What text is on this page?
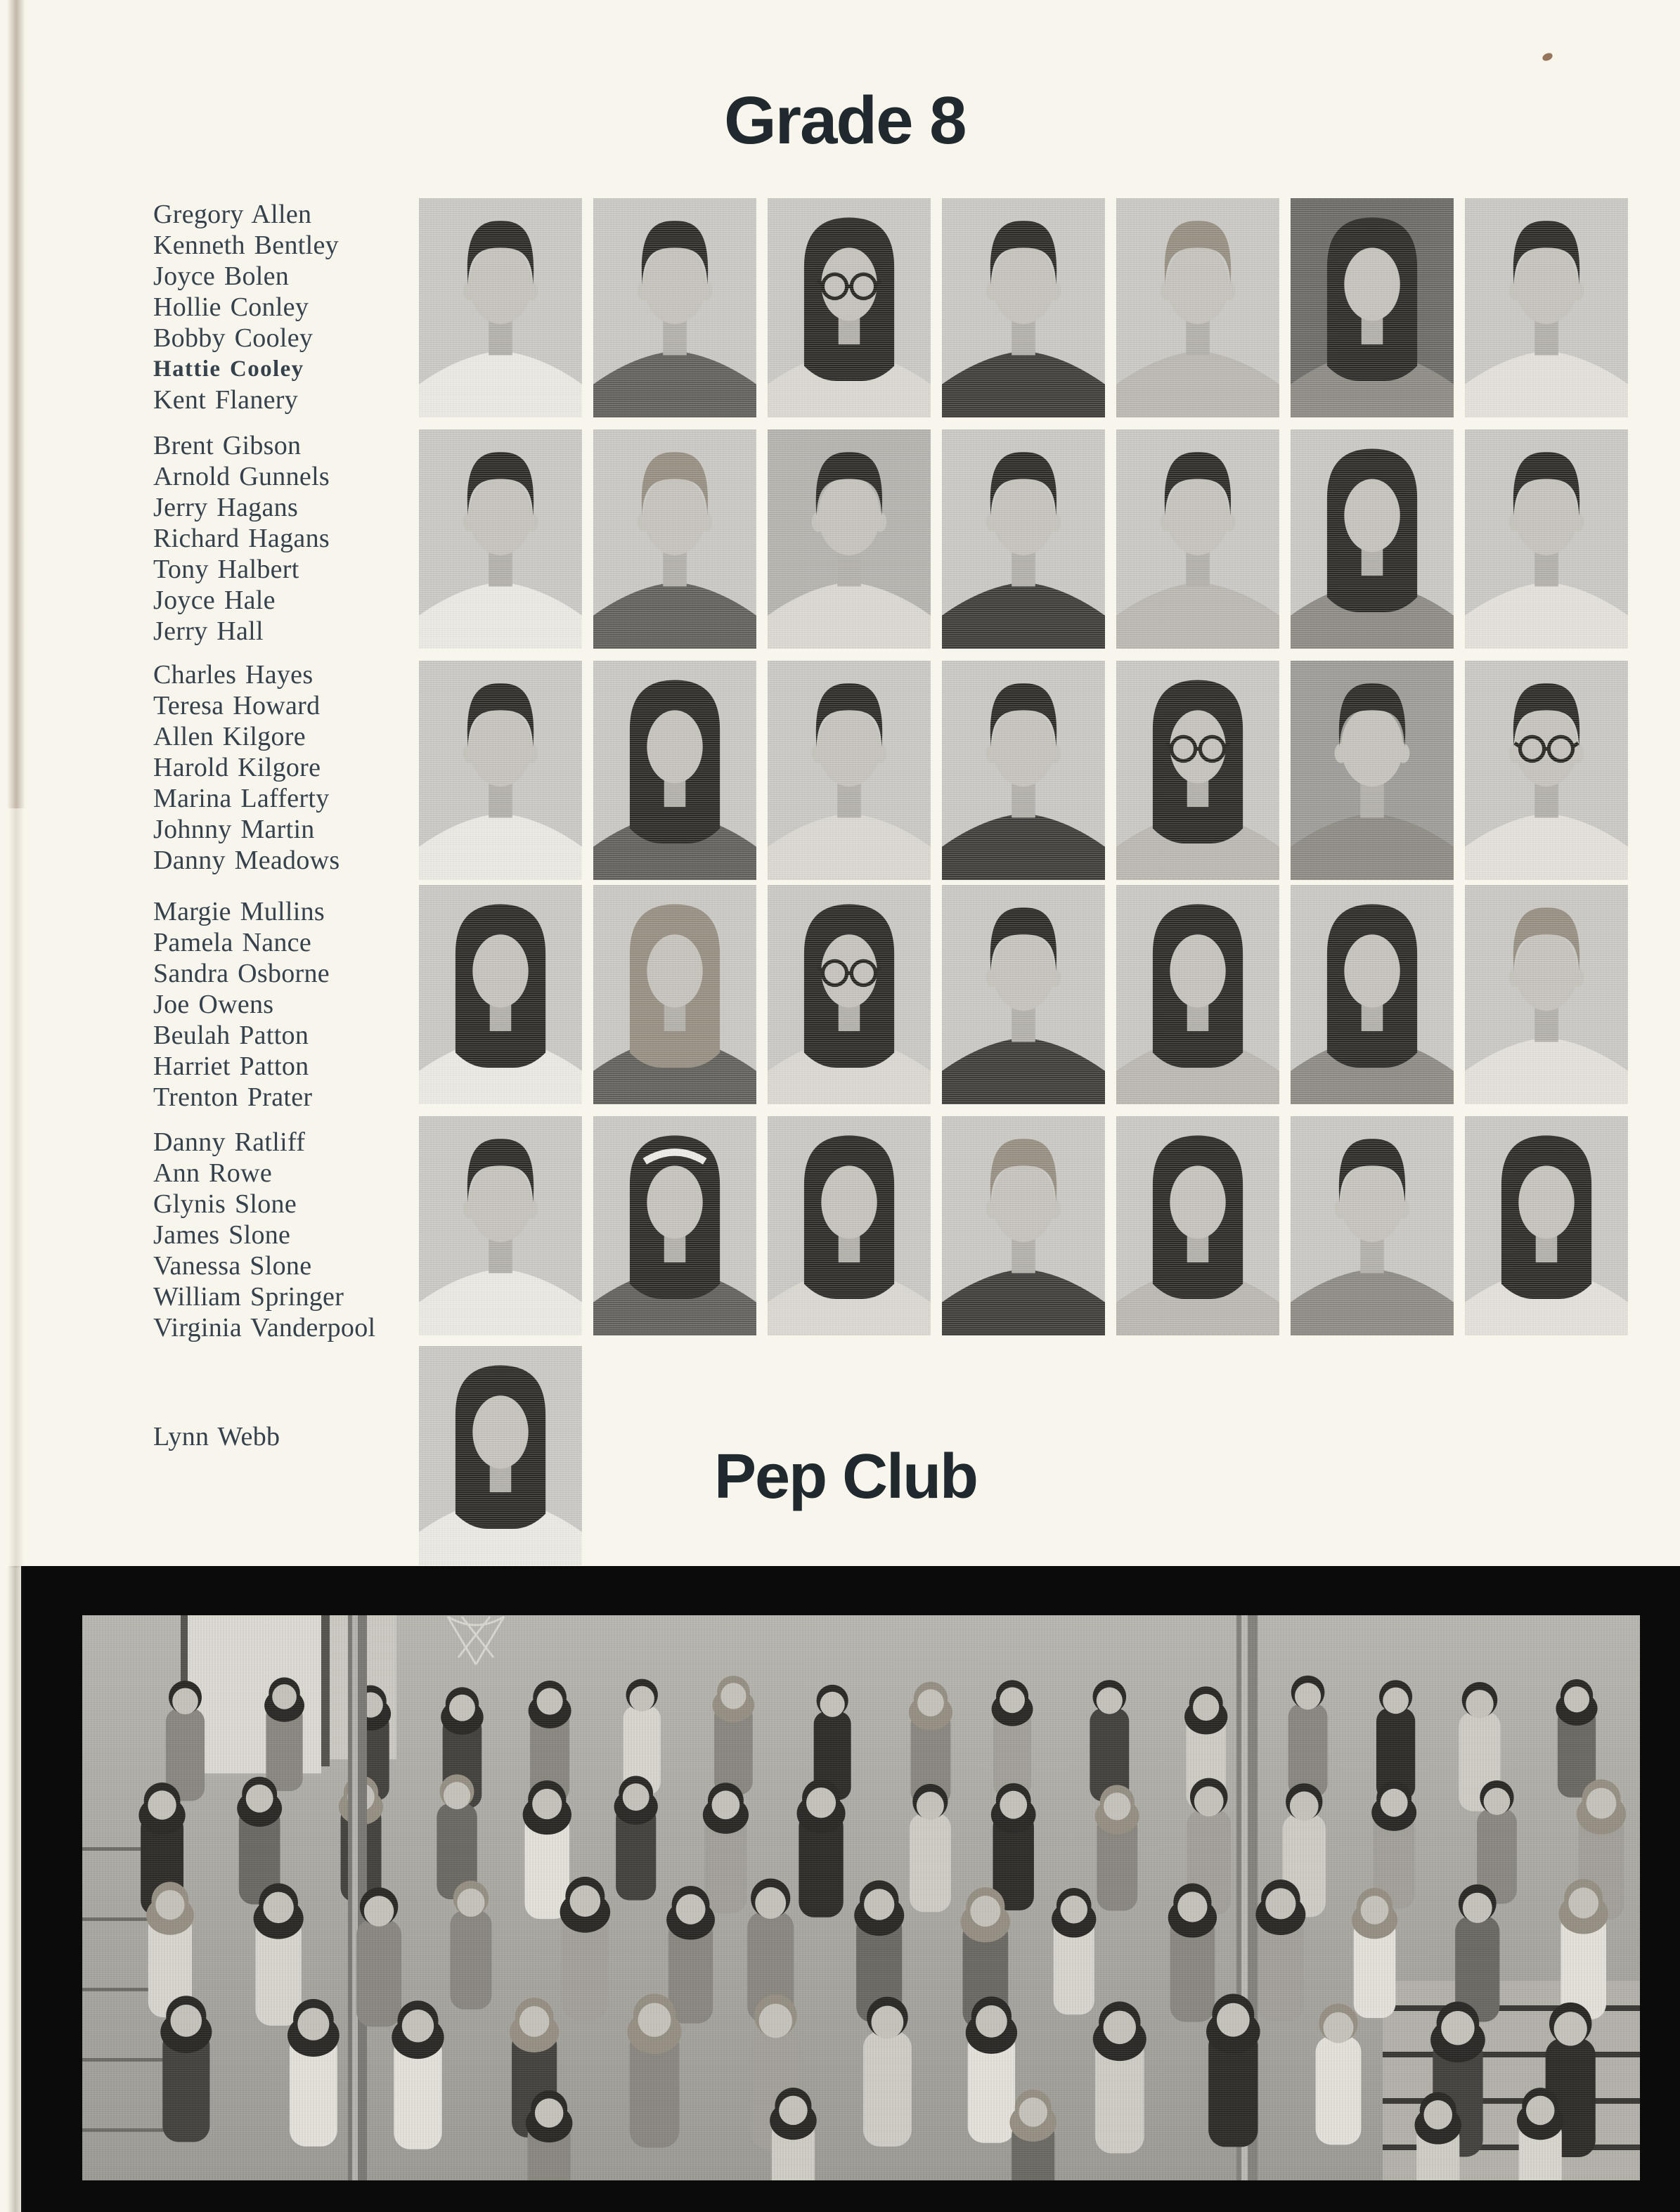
Grade 8
Gregory Allen
Kenneth Bentley
Joyce Bolen
Hollie Conley
Bobby Cooley
Hattie Cooley
Kent Flanery
Brent Gibson
Arnold Gunnels
Jerry Hagans
Richard Hagans
Tony Halbert
Joyce Hale
Jerry Hall
Charles Hayes
Teresa Howard
Allen Kilgore
Harold Kilgore
Marina Lafferty
Johnny Martin
Danny Meadows
Margie Mullins
Pamela Nance
Sandra Osborne
Joe Owens
Beulah Patton
Harriet Patton
Trenton Prater
Danny Ratliff
Ann Rowe
Glynis Slone
James Slone
Vanessa Slone
William Springer
Virginia Vanderpool
Lynn Webb
Pep Club
